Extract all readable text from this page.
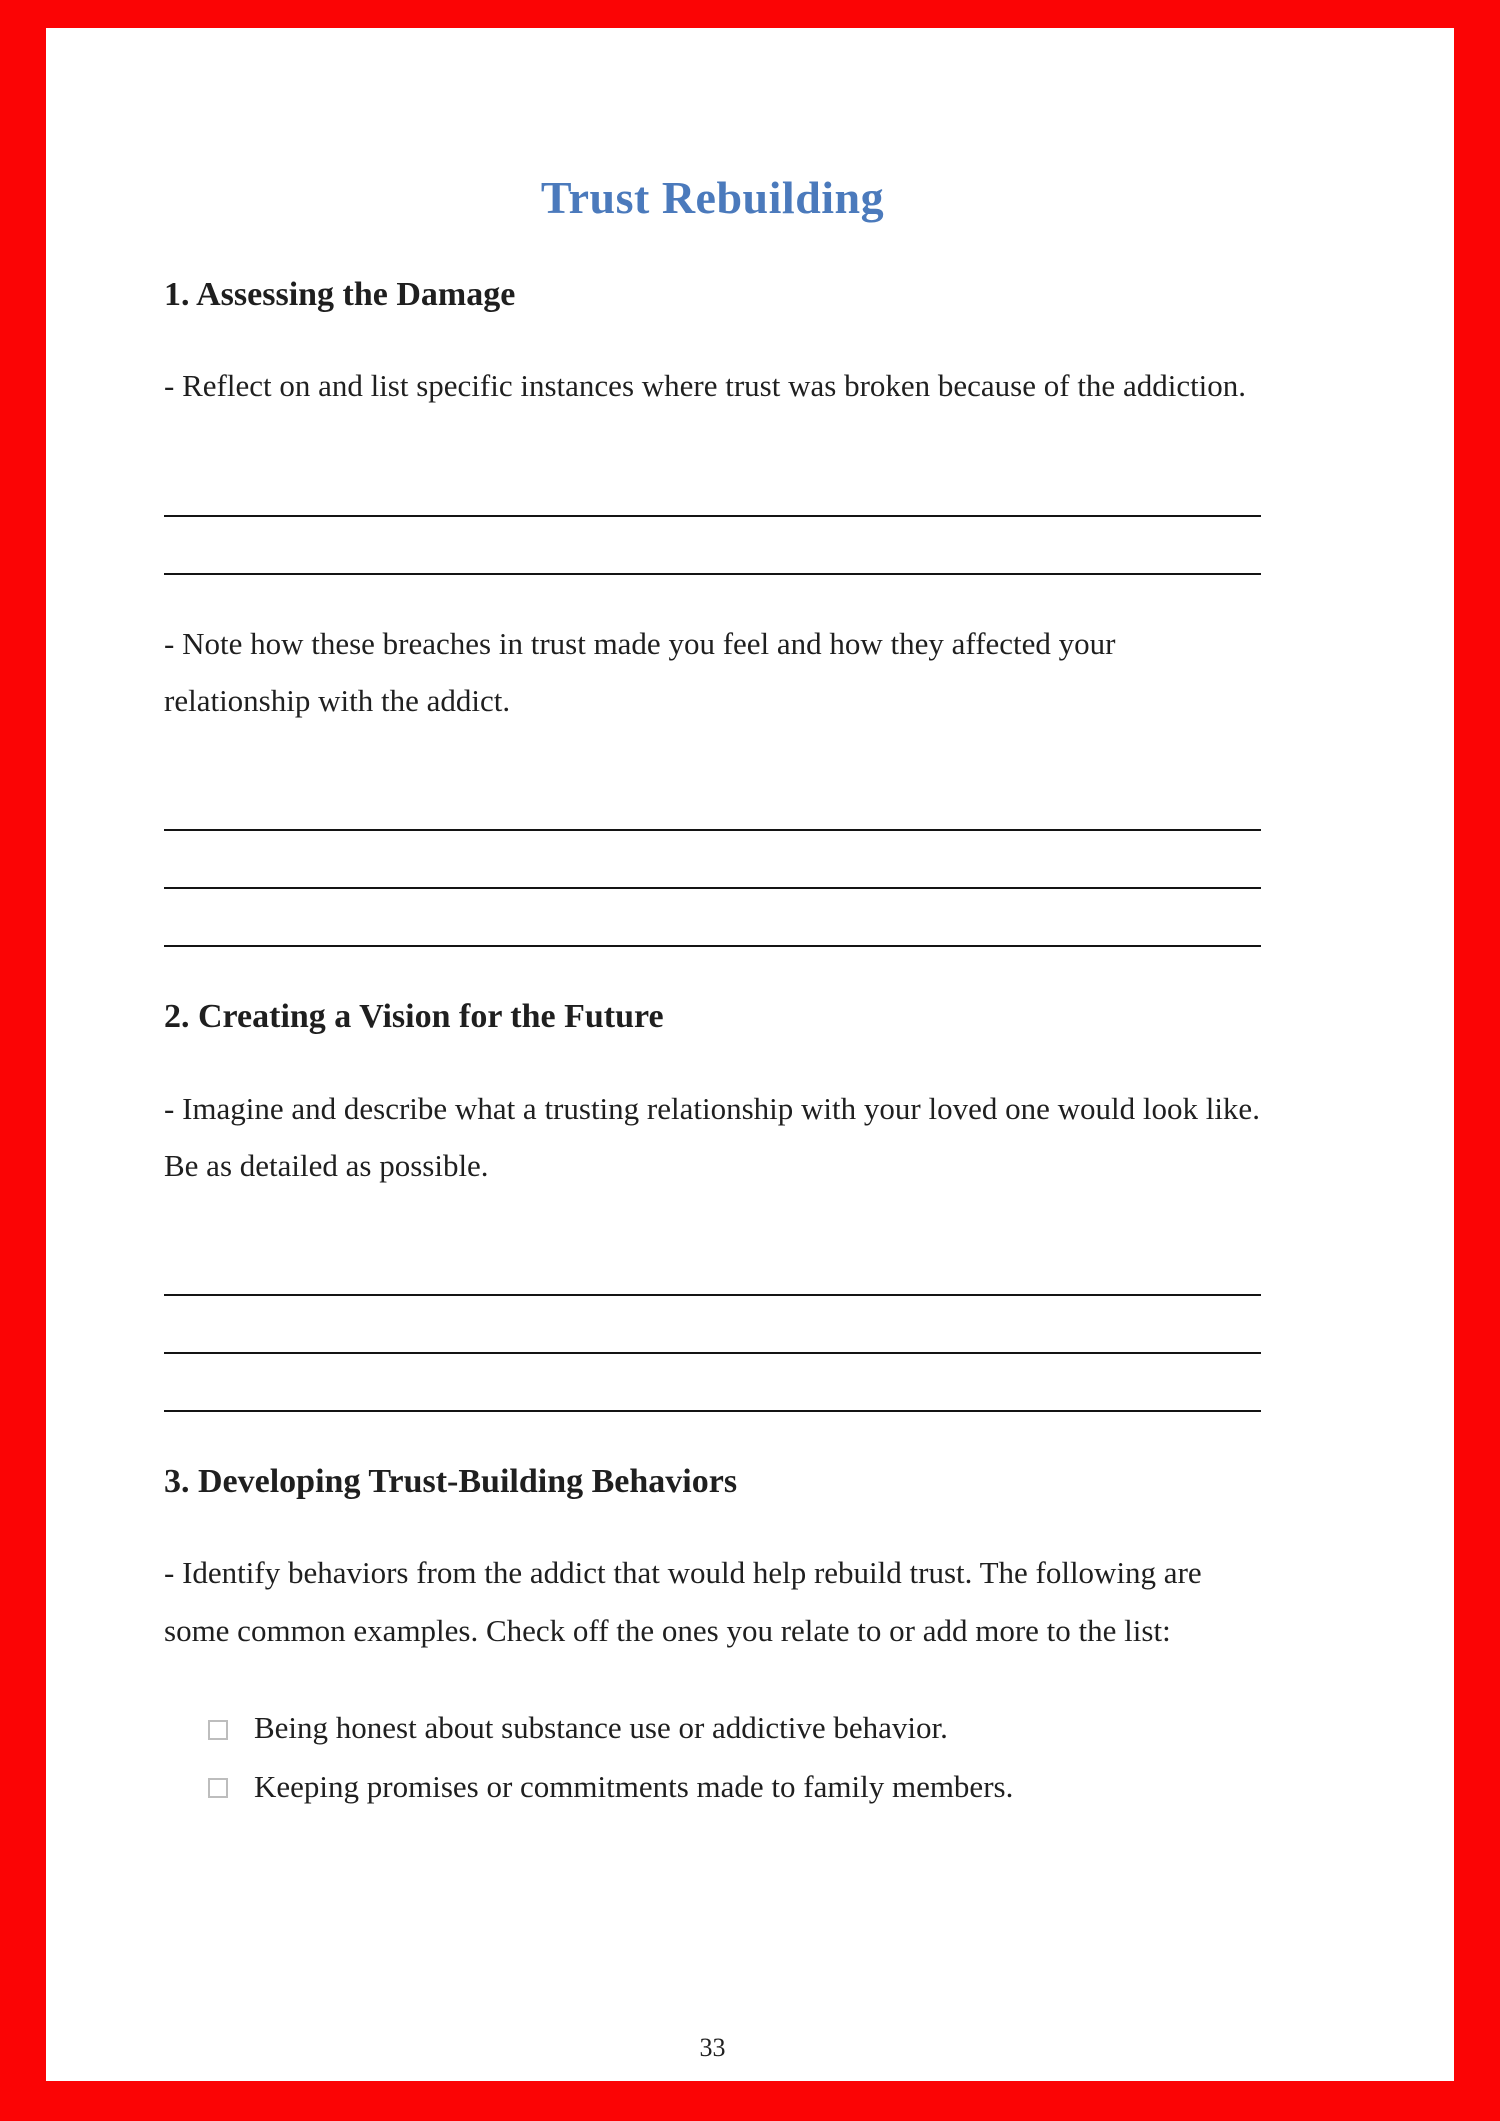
Trust Rebuilding
1. Assessing the Damage

- Reflect on and list specific instances where trust was broken because of the addiction.

- Note how these breaches in trust made you feel and how they affected your relationship with the addict.

2. Creating a Vision for the Future

- Imagine and describe what a trusting relationship with your loved one would look like. Be as detailed as possible.

3. Developing Trust-Building Behaviors

- Identify behaviors from the addict that would help rebuild trust. The following are some common examples. Check off the ones you relate to or add more to the list:

Being honest about substance use or addictive behavior.
Keeping promises or commitments made to family members.
33
